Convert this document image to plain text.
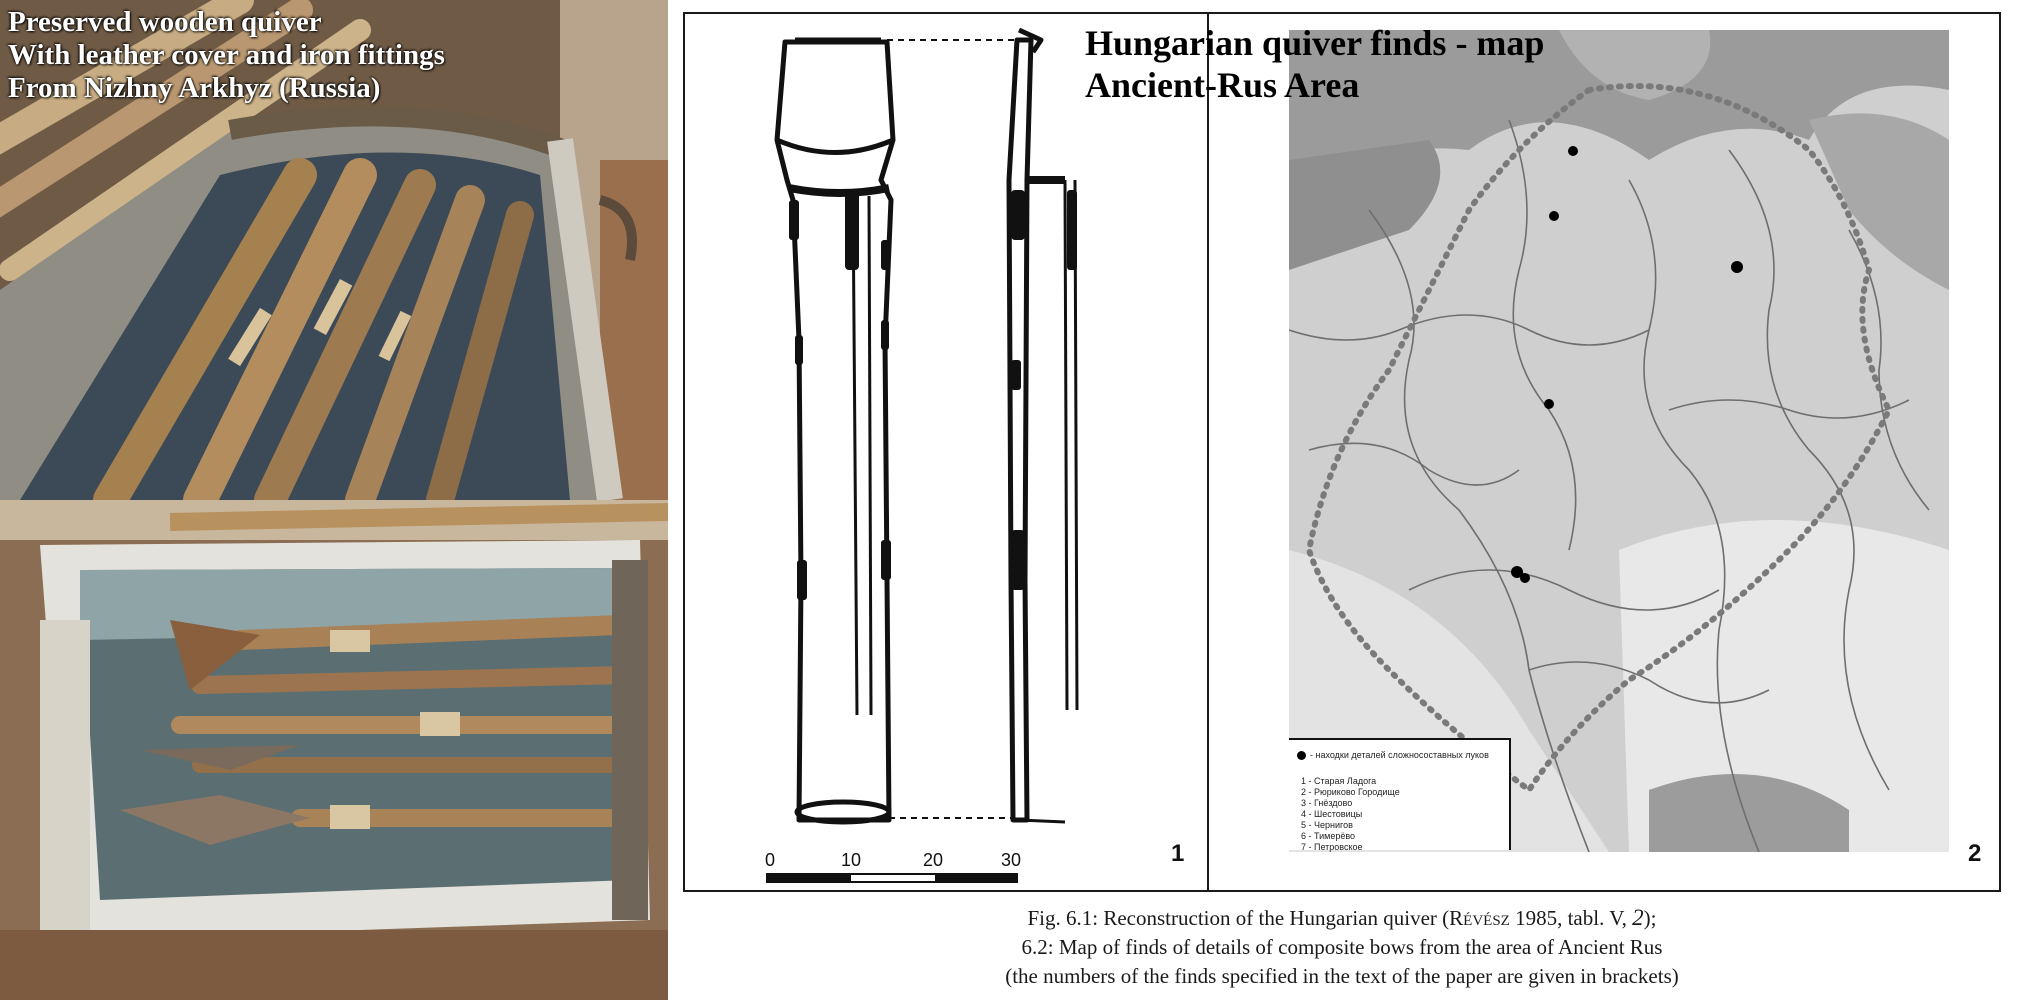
Preserved wooden quiver
With leather cover and iron fittings
From Nizhny Arkhyz (Russia)

0	10	20	30	1
Hungarian quiver finds - map
Ancient-Rus Area
- находки деталей сложносоставных луков
1 - Старая Ладога
2 - Рюриково Городище
3 - Гнёздово
4 - Шестовицы
5 - Чернигов
6 - Тимерёво
7 - Петровское	2

Fig. 6.1: Reconstruction of the Hungarian quiver (Révész 1985, tabl. V, 2);
6.2: Map of finds of details of composite bows from the area of Ancient Rus
(the numbers of the finds specified in the text of the paper are given in brackets)
